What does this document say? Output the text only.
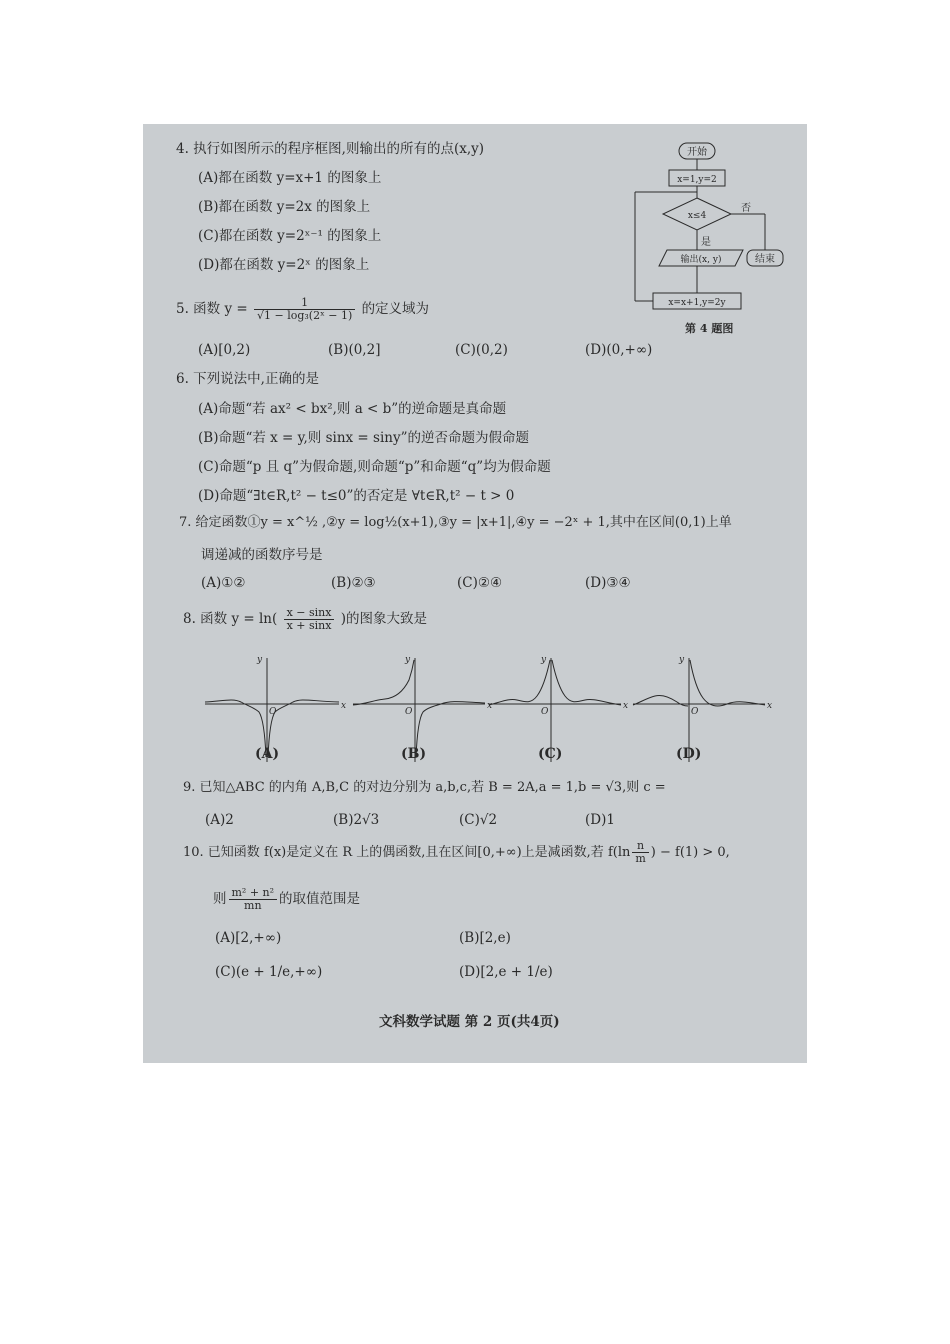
4. 执行如图所示的程序框图,则输出的所有的点(x,y)
(A)都在函数 y=x+1 的图象上
(B)都在函数 y=2x 的图象上
(C)都在函数 y=2ˣ⁻¹ 的图象上
(D)都在函数 y=2ˣ 的图象上
开始
x=1,y=2
x≤4
否
是
输出(x, y)	结束
x=x+1,y=2y
第 4 题图
5. 函数 $y = \frac{1}{\text{√1 − log₃(2ˣ − 1)}}$ 的定义域为
(A)[0,2)	(B)(0,2]	(C)(0,2)	(D)(0,+∞)
6. 下列说法中,正确的是
(A)命题“若 ax² < bx²,则 a < b”的逆命题是真命题
(B)命题“若 x = y,则 sinx = siny”的逆否命题为假命题
(C)命题“p 且 q”为假命题,则命题“p”和命题“q”均为假命题
(D)命题“∃t∈R,t² − t≤0”的否定是 ∀t∈R,t² − t > 0
7. 给定函数①y = x^½ ,②y = log½(x+1),③y = |x+1|,④y = −2ˣ + 1,其中在区间(0,1)上单
调递减的函数序号是
(A)①②	(B)②③	(C)②④	(D)③④
8. 函数 $y = \ln( \frac{x - \sin x}{x + \sin x}$ )的图象大致是
x
y
O
(A)
x
y
O
(B)
x
y
O
(C)
x
y
O
(D)
9. 已知△ABC 的内角 A,B,C 的对边分别为 a,b,c,若 B = 2A,a = 1,b = √3,则 c =
(A)2	(B)2√3	(C)√2	(D)1
10. 已知函数 f(x)是定义在 R 上的偶函数,且在区间[0,+∞)上是减函数,若 $f(\ln \frac{n}{m}$ ) − f(1) > 0,
则 $\frac{\text{m² + n²}}{mn}$ 的取值范围是
(A)[2,+∞)	(B)[2,e)
(C)(e + 1/e,+∞)	(D)[2,e + 1/e)
文科数学试题 第 2 页(共4页)
